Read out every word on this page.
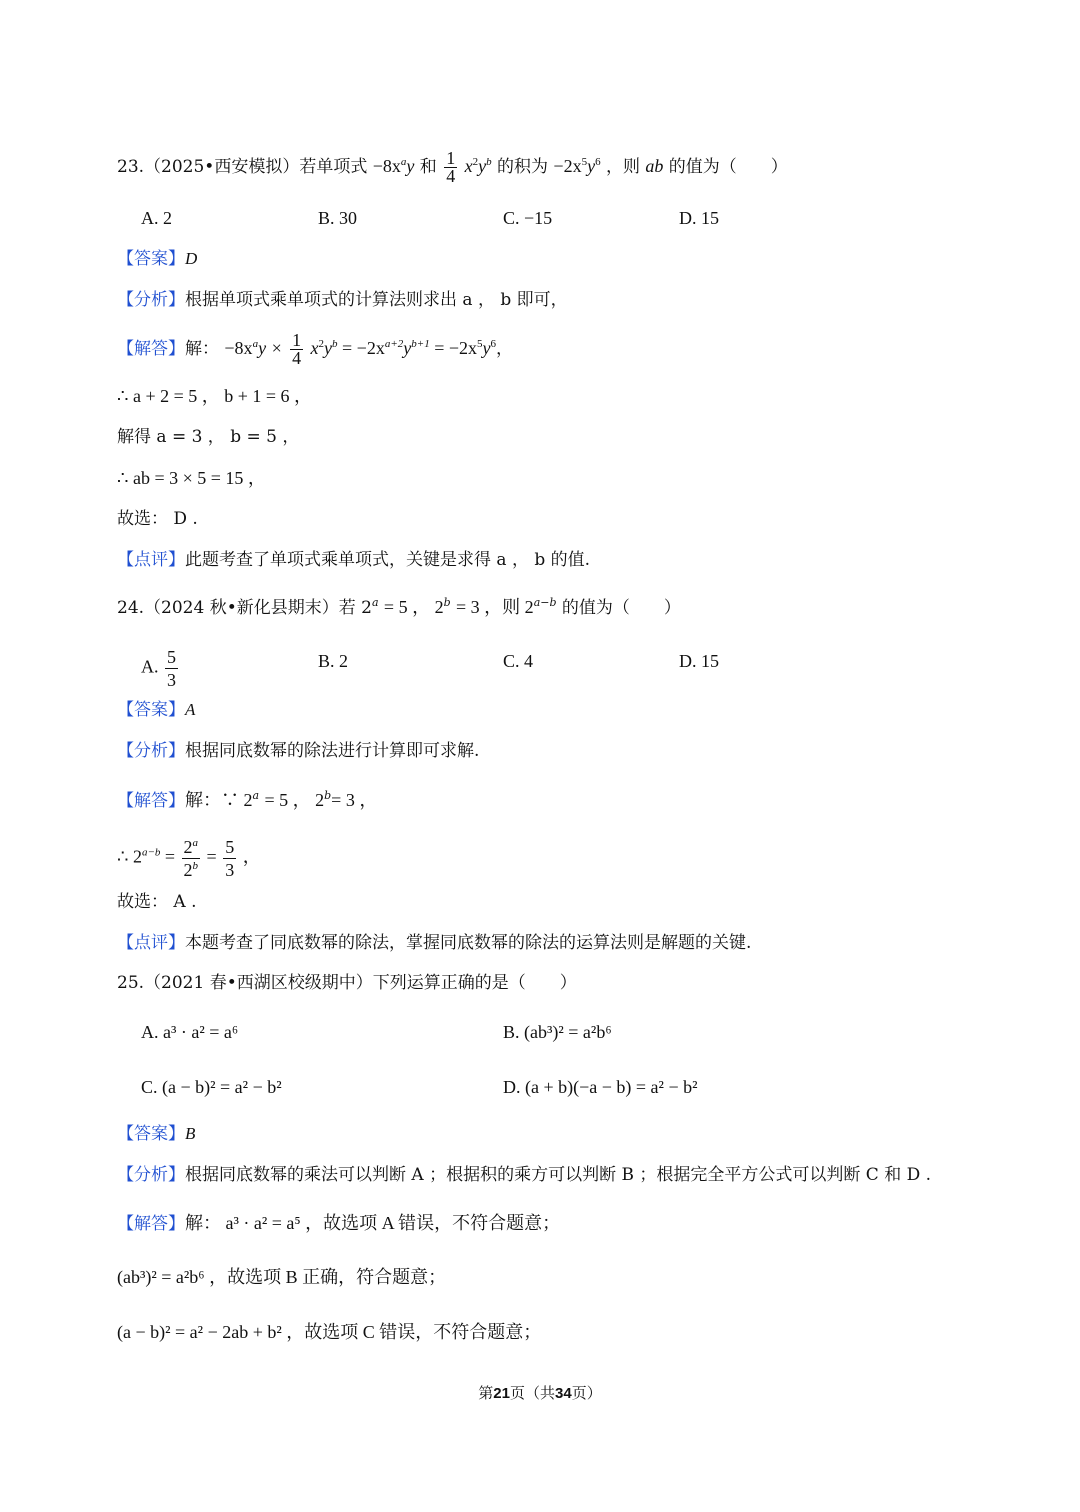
23.（2025•西安模拟）若单项式 $-8x^ay$ 和 $\frac{1}{4} x^2y^b$ 的积为 $-2x^5y^6$ ，则 ab 的值为（　　）
A. 2	B. 30	C. −15	D. 15
【答案】D
【分析】根据单项式乘单项式的计算法则求出 a ， b 即可，
【解答】解： $-8x^ay \times \frac{1}{4} x^2y^b = -2x^{a+2}y^{b+1} = -2x^5y^6$，
∴ a + 2 = 5 ， b + 1 = 6 ，
解得 a = 3 ， b = 5 ，
∴ ab = 3 × 5 = 15 ，
故选： D .
【点评】此题考查了单项式乘单项式，关键是求得 a ， b 的值.
24.（2024 秋•新化县期末）若 $2^a = 5$ ， $2^b = 3$ ，则 $2^{a-b}$ 的值为（　　）
A. $\frac{5}{3}$	B. 2	C. 4	D. 15
【答案】A
【分析】根据同底数幂的除法进行计算即可求解.
【解答】解：∵ $2^a = 5$ ， $2^b= 3$ ，
∴ $2^{a-b} = \frac{2^a}{2^b} = \frac{5}{3}$ ，
故选： A .
【点评】本题考查了同底数幂的除法，掌握同底数幂的除法的运算法则是解题的关键.
25.（2021 春•西湖区校级期中）下列运算正确的是（　　）
A. a³ · a² = a⁶	B. (ab³)² = a²b⁶
C. (a − b)² = a² − b²	D. (a + b)(−a − b) = a² − b²
【答案】B
【分析】根据同底数幂的乘法可以判断 A ；根据积的乘方可以判断 B ；根据完全平方公式可以判断 C 和 D .
【解答】解： a³ · a² = a⁵ ，故选项 A 错误，不符合题意；
(ab³)² = a²b⁶ ，故选项 B 正确，符合题意；
(a − b)² = a² − 2ab + b² ，故选项 C 错误，不符合题意；
第21页（共34页）
